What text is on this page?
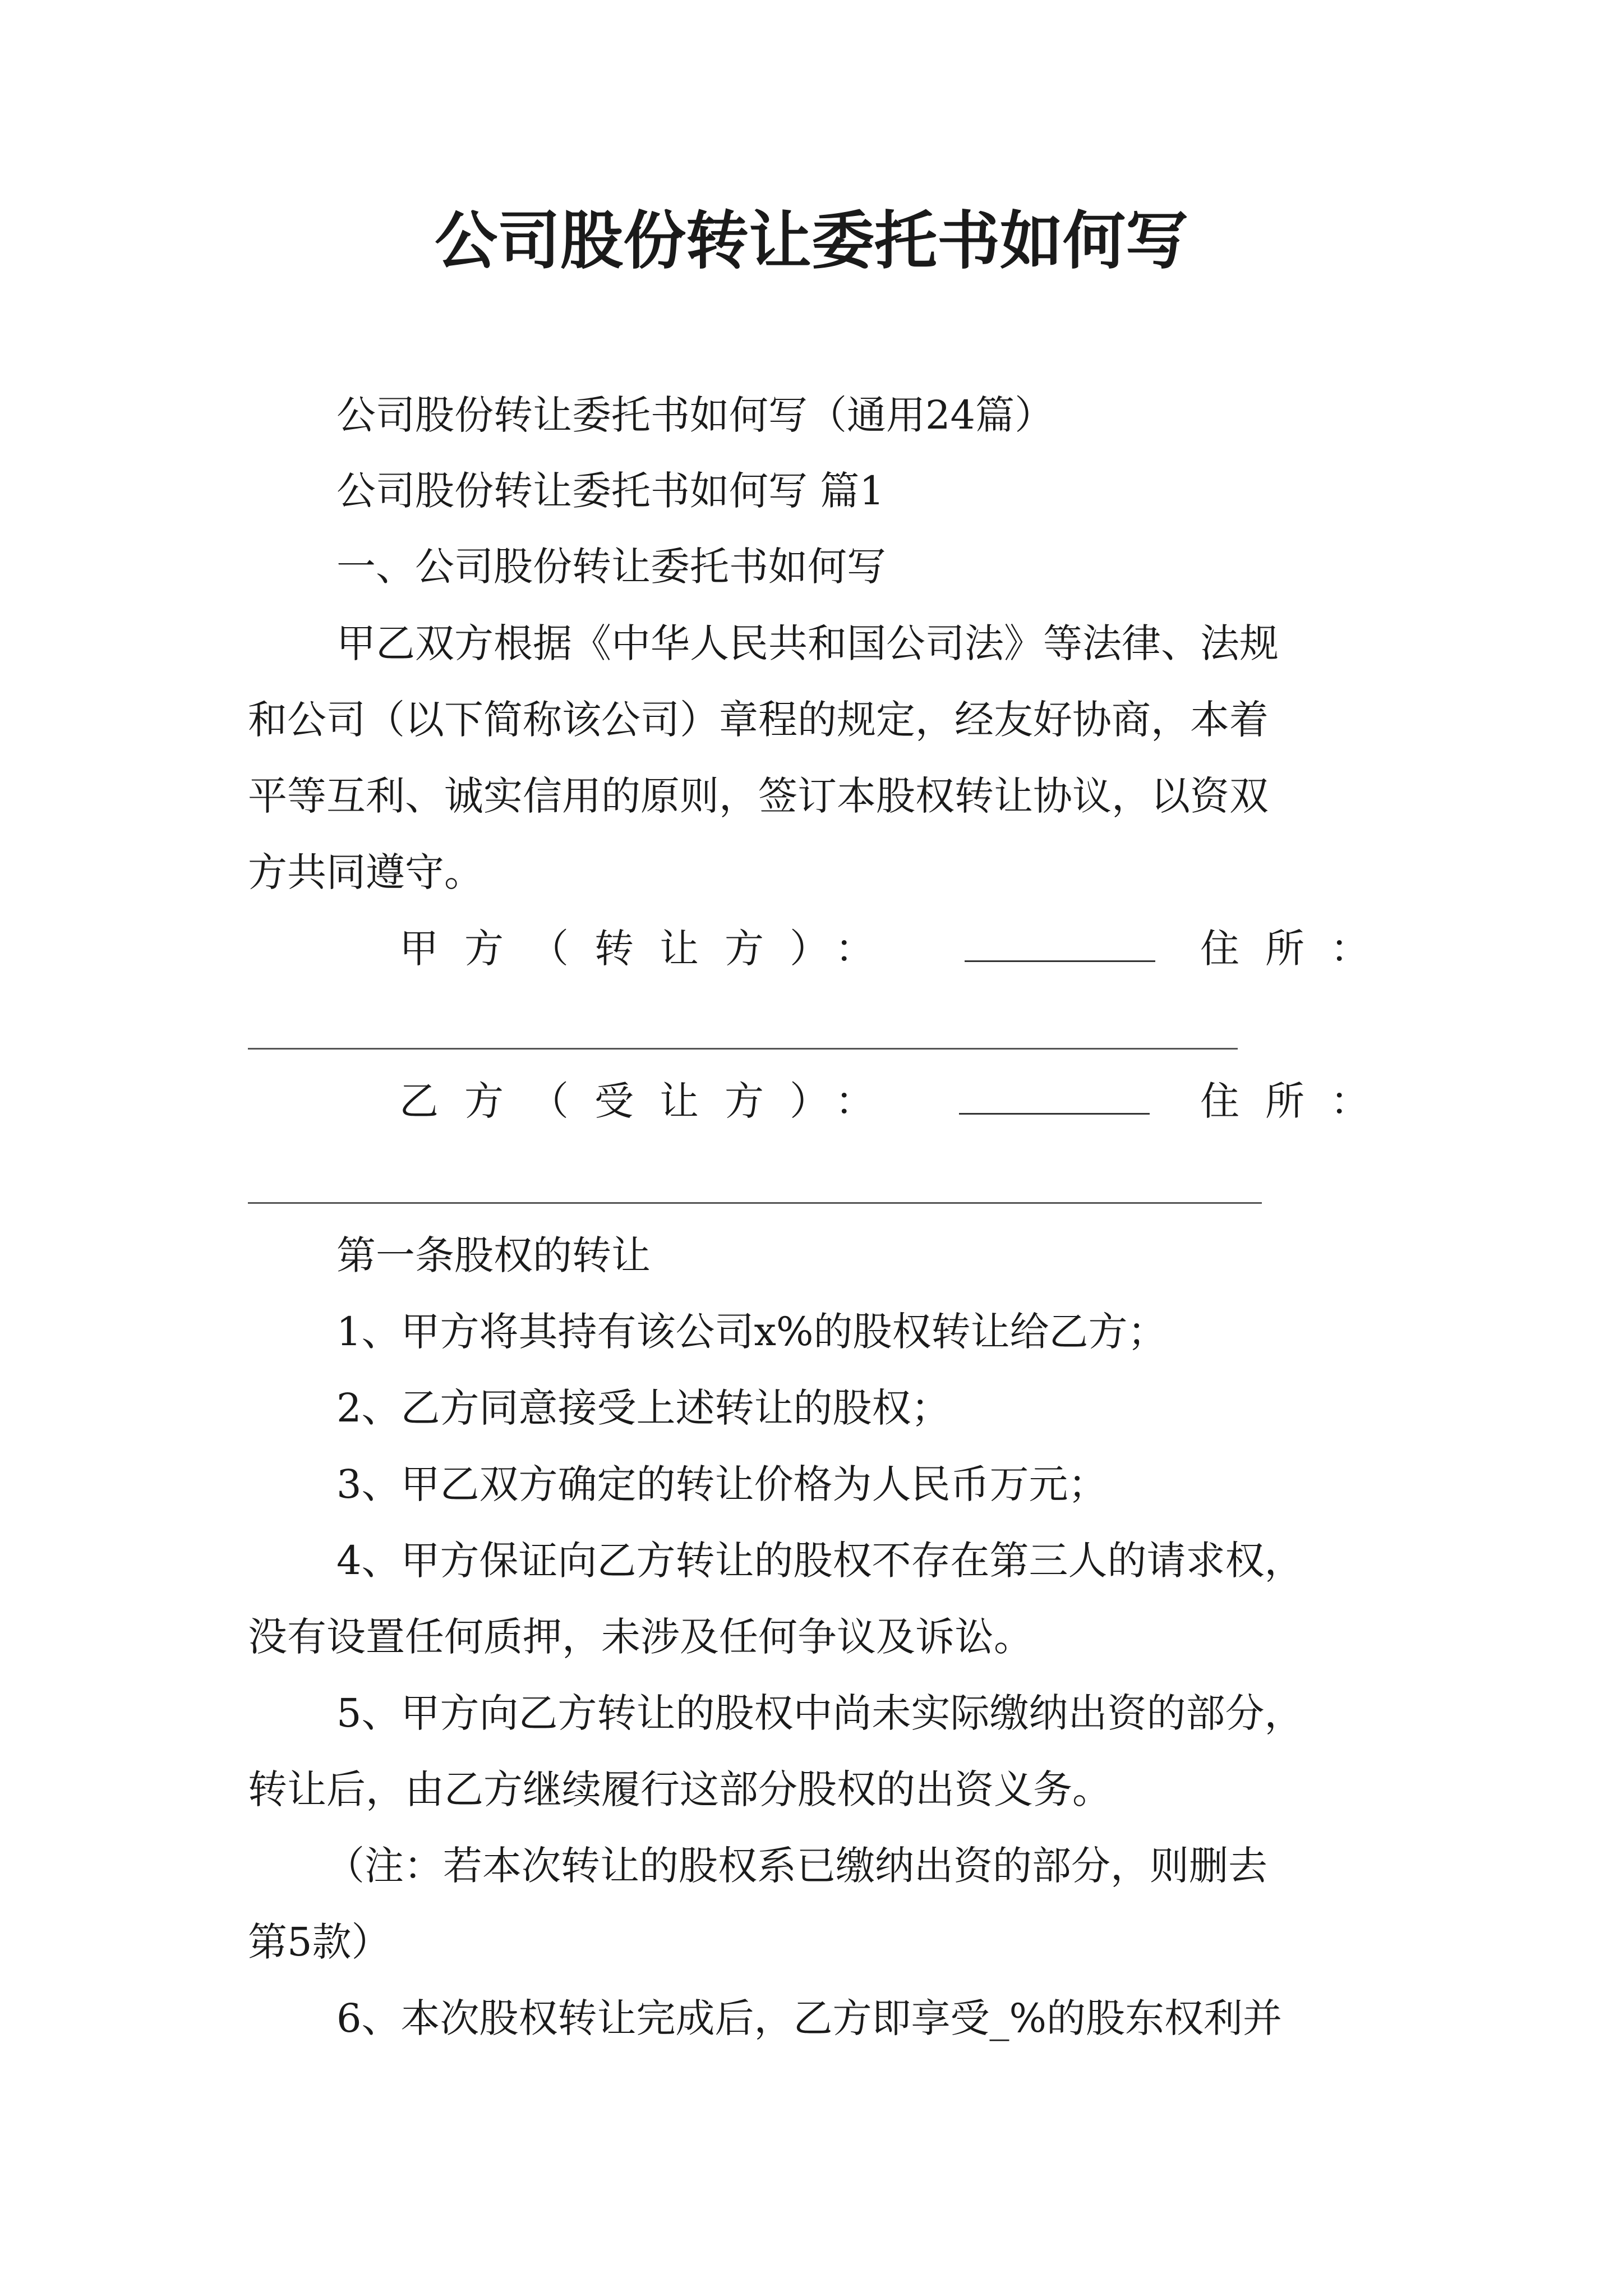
公司股份转让委托书如何写
公司股份转让委托书如何写（通用24篇）
公司股份转让委托书如何写 篇1
一、公司股份转让委托书如何写
甲乙双方根据《中华人民共和国公司法》等法律、法规
和公司（以下简称该公司）章程的规定，经友好协商，本着
平等互利、诚实信用的原则，签订本股权转让协议，以资双
方共同遵守。
甲方（转让方）：	住所：
乙方（受让方）：	住所：
第一条股权的转让
1、甲方将其持有该公司x%的股权转让给乙方；
2、乙方同意接受上述转让的股权；
3、甲乙双方确定的转让价格为人民币万元；
4、甲方保证向乙方转让的股权不存在第三人的请求权，
没有设置任何质押，未涉及任何争议及诉讼。
5、甲方向乙方转让的股权中尚未实际缴纳出资的部分，
转让后，由乙方继续履行这部分股权的出资义务。
（注：若本次转让的股权系已缴纳出资的部分，则删去
第5款）
6、本次股权转让完成后，乙方即享受_%的股东权利并
